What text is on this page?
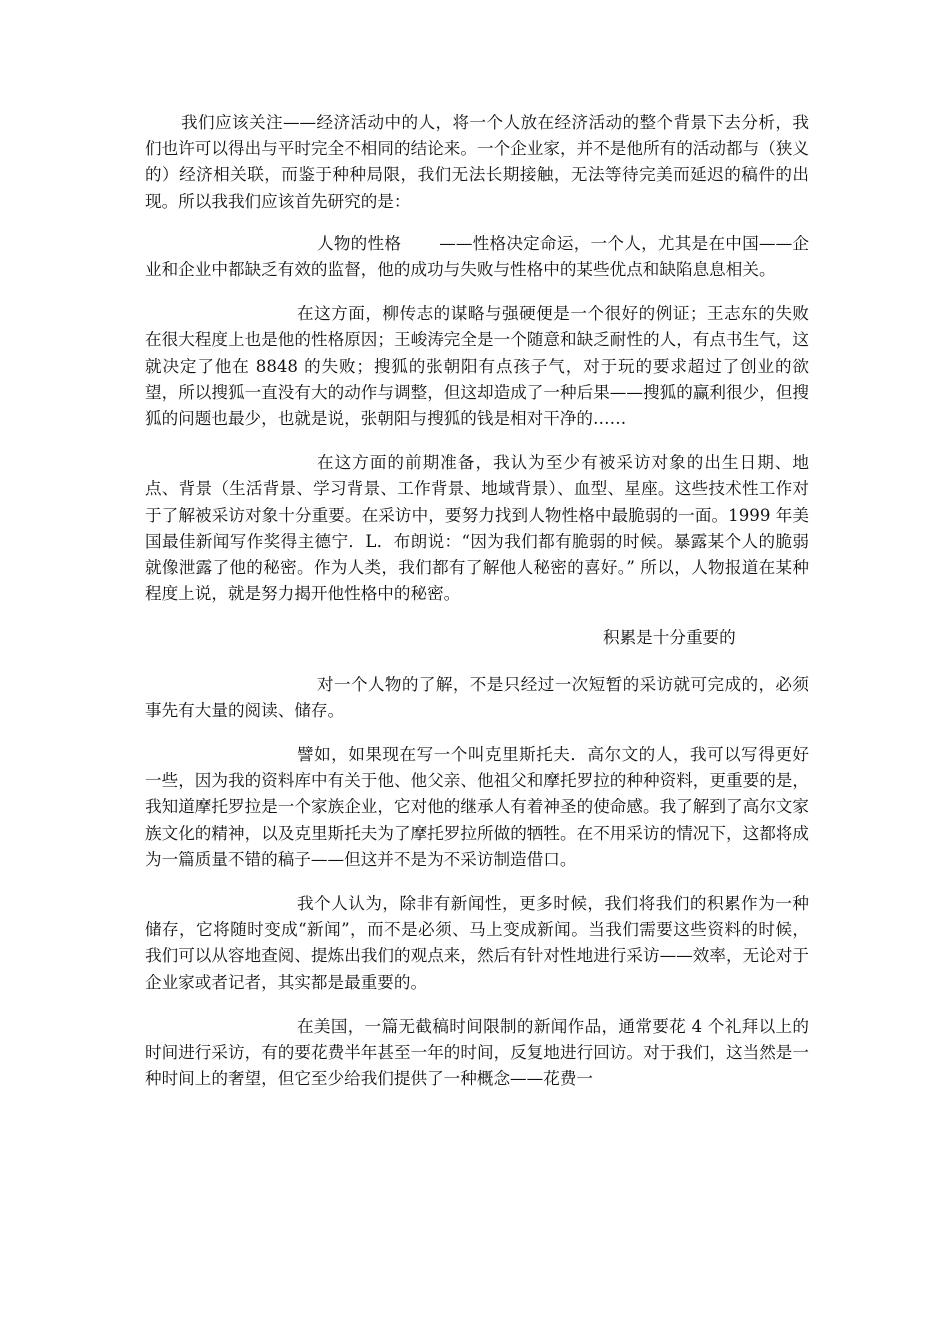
我们应该关注——经济活动中的人，将一个人放在经济活动的整个背景下去分析，我们也许可以得出与平时完全不相同的结论来。一个企业家，并不是他所有的活动都与（狭义的）经济相关联，而鉴于种种局限，我们无法长期接触，无法等待完美而延迟的稿件的出现。所以我我们应该首先研究的是：

人物的性格 ——性格决定命运，一个人，尤其是在中国——企业和企业中都缺乏有效的监督，他的成功与失败与性格中的某些优点和缺陷息息相关。

在这方面，柳传志的谋略与强硬便是一个很好的例证；王志东的失败在很大程度上也是他的性格原因；王峻涛完全是一个随意和缺乏耐性的人，有点书生气，这就决定了他在 8848 的失败；搜狐的张朝阳有点孩子气，对于玩的要求超过了创业的欲望，所以搜狐一直没有大的动作与调整，但这却造成了一种后果——搜狐的赢利很少，但搜狐的问题也最少，也就是说，张朝阳与搜狐的钱是相对干净的……

在这方面的前期准备，我认为至少有被采访对象的出生日期、地点、背景（生活背景、学习背景、工作背景、地域背景）、血型、星座。这些技术性工作对于了解被采访对象十分重要。在采访中，要努力找到人物性格中最脆弱的一面。1999 年美国最佳新闻写作奖得主德宁．L．布朗说：“因为我们都有脆弱的时候。暴露某个人的脆弱就像泄露了他的秘密。作为人类，我们都有了解他人秘密的喜好。” 所以，人物报道在某种程度上说，就是努力揭开他性格中的秘密。

积累是十分重要的

对一个人物的了解，不是只经过一次短暂的采访就可完成的，必须事先有大量的阅读、储存。

譬如，如果现在写一个叫克里斯托夫．高尔文的人，我可以写得更好一些，因为我的资料库中有关于他、他父亲、他祖父和摩托罗拉的种种资料，更重要的是，我知道摩托罗拉是一个家族企业，它对他的继承人有着神圣的使命感。我了解到了高尔文家族文化的精神，以及克里斯托夫为了摩托罗拉所做的牺牲。在不用采访的情况下，这都将成为一篇质量不错的稿子——但这并不是为不采访制造借口。

我个人认为，除非有新闻性，更多时候，我们将我们的积累作为一种储存，它将随时变成“新闻”，而不是必须、马上变成新闻。当我们需要这些资料的时候，我们可以从容地查阅、提炼出我们的观点来，然后有针对性地进行采访——效率，无论对于企业家或者记者，其实都是最重要的。

在美国，一篇无截稿时间限制的新闻作品，通常要花 4 个礼拜以上的时间进行采访，有的要花费半年甚至一年的时间，反复地进行回访。对于我们，这当然是一种时间上的奢望，但它至少给我们提供了一种概念——花费一
